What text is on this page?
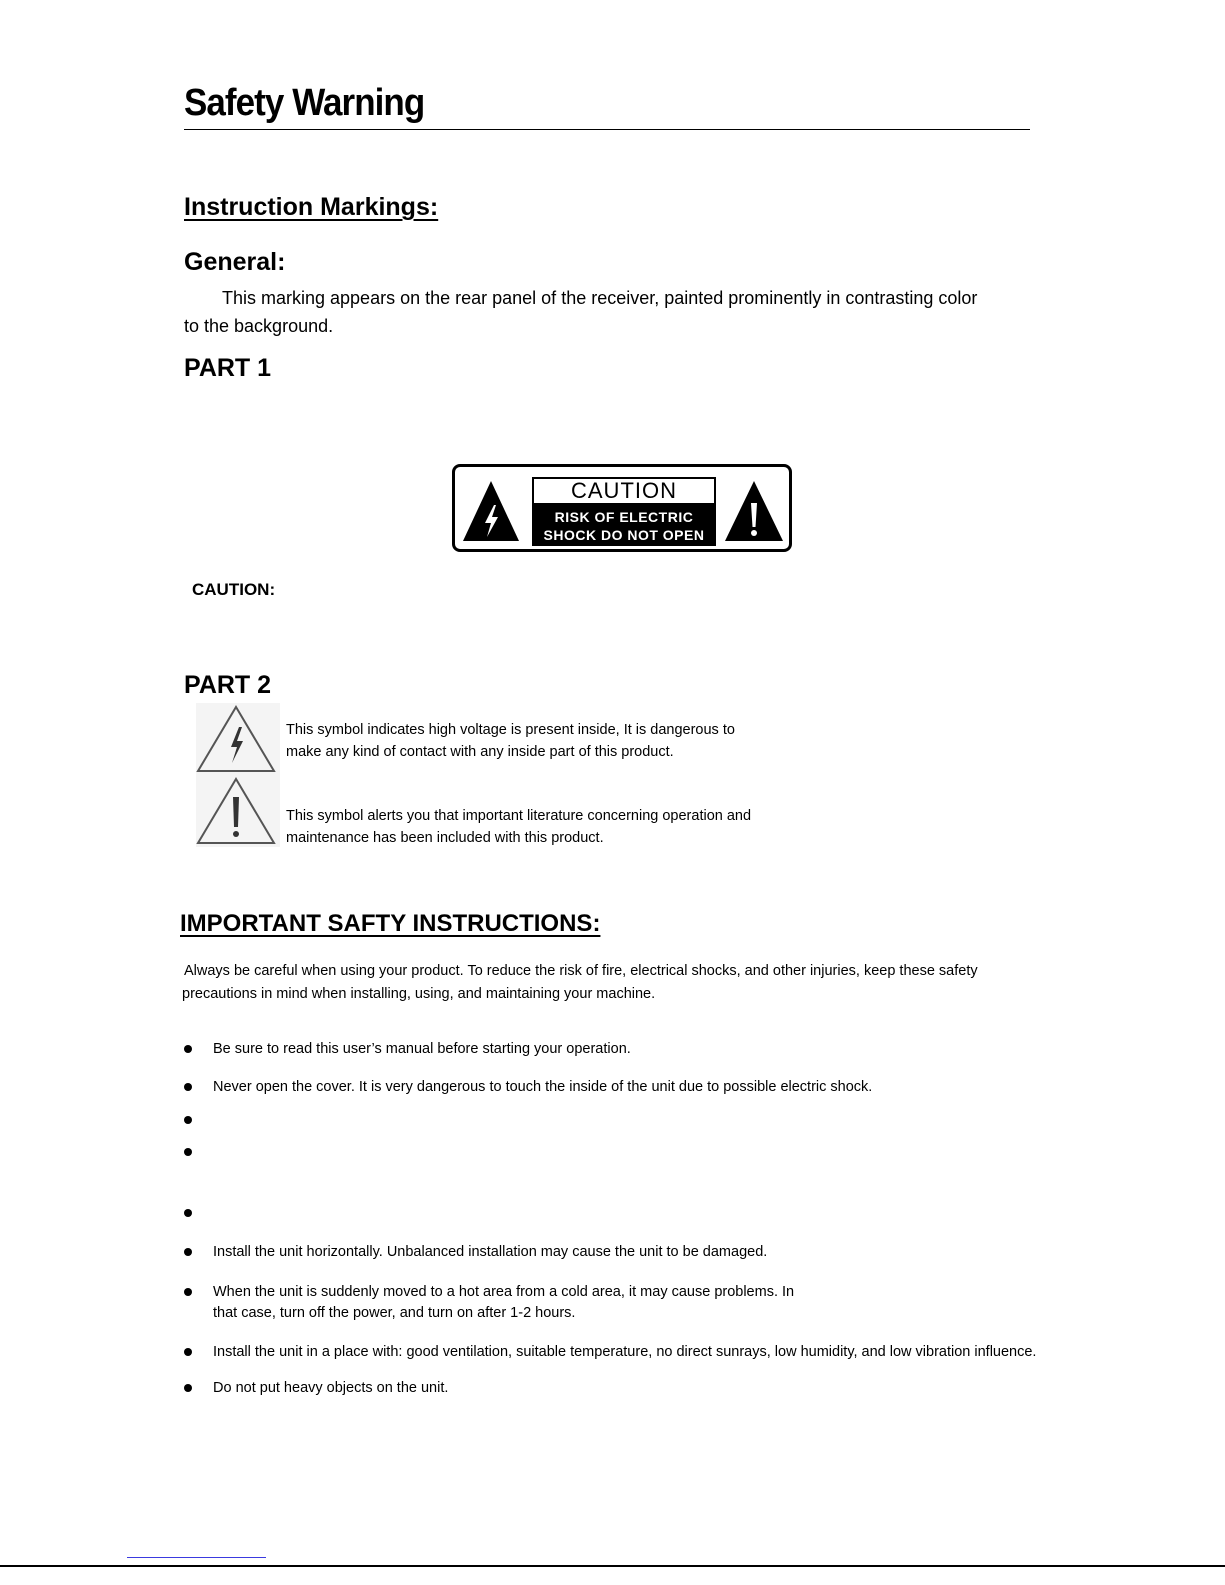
Safety Warning
Instruction Markings:
General:
This marking appears on the rear panel of the receiver, painted prominently in contrasting color
to the background.
PART 1
CAUTION
RISK OF ELECTRIC
SHOCK DO NOT OPEN
CAUTION:
PART 2
This symbol indicates high voltage is present inside, It is dangerous to
make any kind of contact with any inside part of this product.
This symbol alerts you that important literature concerning operation and
maintenance has been included with this product.
IMPORTANT SAFTY INSTRUCTIONS:
Always be careful when using your product. To reduce the risk of fire, electrical shocks, and other injuries, keep these safety
precautions in mind when installing, using, and maintaining your machine.
Be sure to read this user’s manual before starting your operation.
Never open the cover. It is very dangerous to touch the inside of the unit due to possible electric shock.
Install the unit horizontally. Unbalanced installation may cause the unit to be damaged.
When the unit is suddenly moved to a hot area from a cold area, it may cause problems. In
that case, turn off the power, and turn on after 1-2 hours.
Install the unit in a place with: good ventilation, suitable temperature, no direct sunrays, low humidity, and low vibration influence.
Do not put heavy objects on the unit.
